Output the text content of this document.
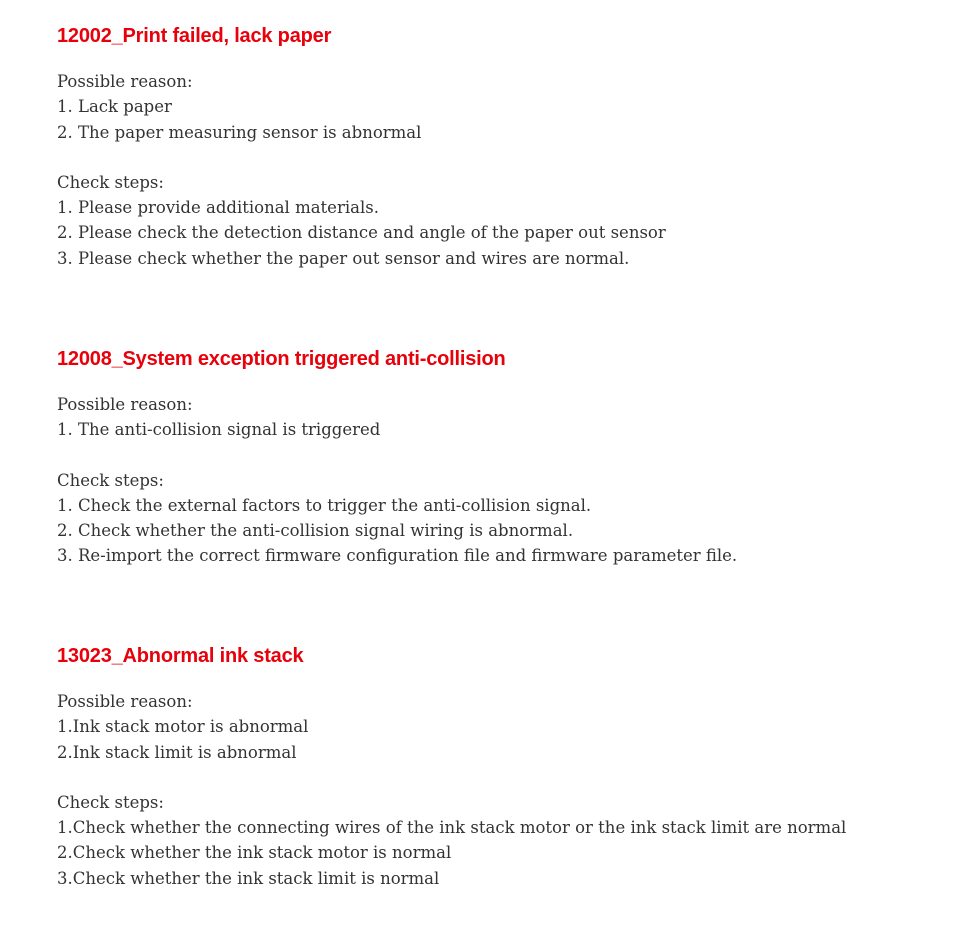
12002_Print failed, lack paper

Possible reason:

1. Lack paper

2. The paper measuring sensor is abnormal

Check steps:

1. Please provide additional materials.

2. Please check the detection distance and angle of the paper out sensor

3. Please check whether the paper out sensor and wires are normal.

12008_System exception triggered anti-collision

Possible reason:

1. The anti-collision signal is triggered

Check steps:

1. Check the external factors to trigger the anti-collision signal.

2. Check whether the anti-collision signal wiring is abnormal.

3. Re-import the correct firmware configuration file and firmware parameter file.

13023_Abnormal ink stack

Possible reason:

1.Ink stack motor is abnormal

2.Ink stack limit is abnormal

Check steps:

1.Check whether the connecting wires of the ink stack motor or the ink stack limit are normal

2.Check whether the ink stack motor is normal

3.Check whether the ink stack limit is normal
